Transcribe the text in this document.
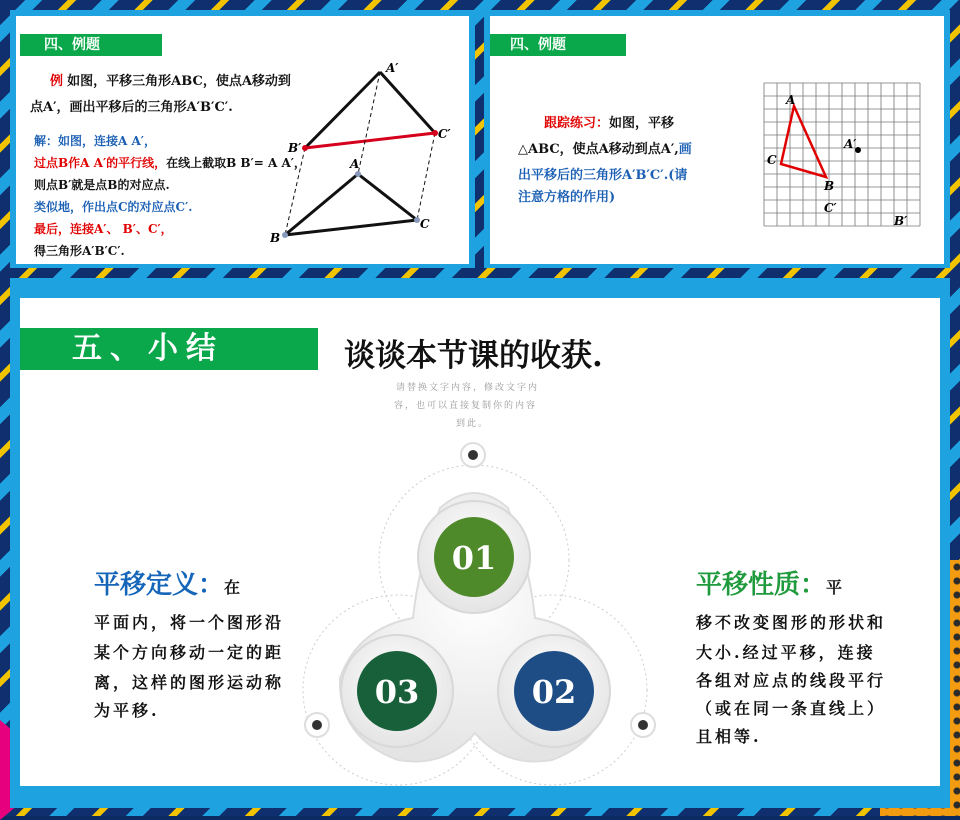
四、例题
例 如图，平移三角形ABC，使点A移动到
点A′，画出平移后的三角形A′B′C′.
解：如图，连接A A′，
过点B作A A′的平行线，在线上截取B B′= A A′，
则点B′就是点B的对应点.
类似地，作出点C的对应点C′.
最后，连接A′、 B′、C′，
得三角形A′B′C′.
A′
B′
C′
A
B
C
四、例题
跟踪练习：如图，平移
△ABC，使点A移动到点A′,画
出平移后的三角形A′B′C′.(请
注意方格的作用)
A
C
B
A′
C′
B′
五、小结	谈谈本节课的收获.
请替换文字内容，修改文字内
容，也可以直接复制你的内容
到此。
01
03	02
平移定义：在
平面内，将一个图形沿
某个方向移动一定的距
离，这样的图形运动称
为平移.
平移性质：平
移不改变图形的形状和
大小.经过平移，连接
各组对应点的线段平行
（或在同一条直线上）
且相等.
